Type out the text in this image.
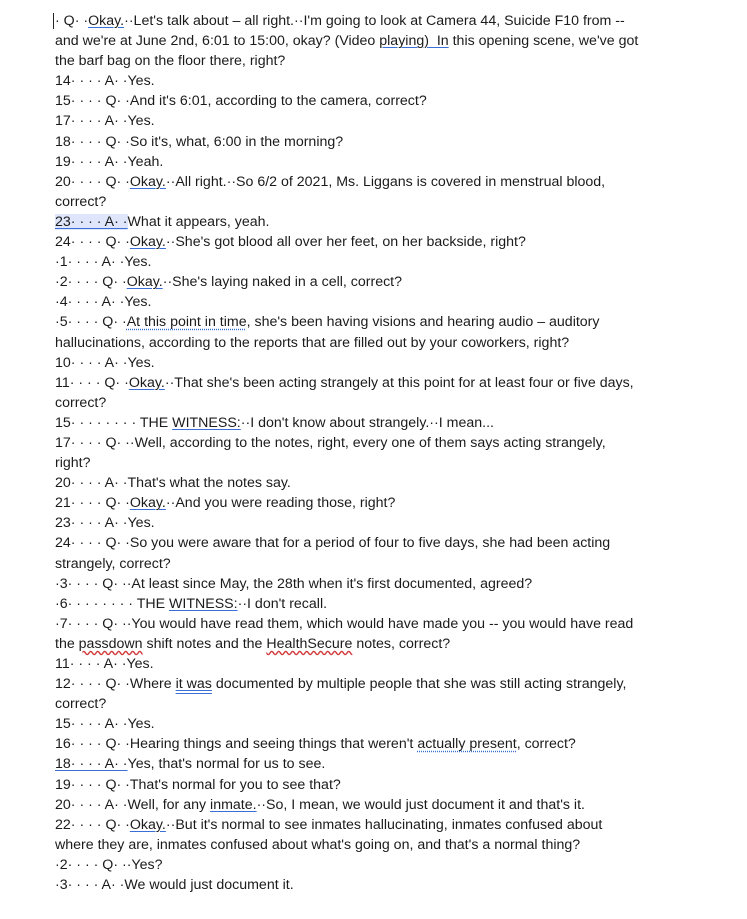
· Q· ·Okay.··Let's talk about – all right.··I'm going to look at Camera 44, Suicide F10 from --
and we're at June 2nd, 6:01 to 15:00, okay? (Video playing)  In this opening scene, we've got
the barf bag on the floor there, right?
14· · · · A· ·Yes.
15· · · · Q· ·And it's 6:01, according to the camera, correct?
17· · · · A· ·Yes.
18· · · · Q· ·So it's, what, 6:00 in the morning?
19· · · · A· ·Yeah.
20· · · · Q· ·Okay.··All right.··So 6/2 of 2021, Ms. Liggans is covered in menstrual blood,
correct?
23· · · · A· ·What it appears, yeah.
24· · · · Q· ·Okay.··She's got blood all over her feet, on her backside, right?
·1· · · · A· ·Yes.
·2· · · · Q· ·Okay.··She's laying naked in a cell, correct?
·4· · · · A· ·Yes.
·5· · · · Q· ·At this point in time, she's been having visions and hearing audio – auditory
hallucinations, according to the reports that are filled out by your coworkers, right?
10· · · · A· ·Yes.
11· · · · Q· ·Okay.··That she's been acting strangely at this point for at least four or five days,
correct?
15· · · · · · · · THE WITNESS:··I don't know about strangely.··I mean...
17· · · · Q· ··Well, according to the notes, right, every one of them says acting strangely,
right?
20· · · · A· ·That's what the notes say.
21· · · · Q· ·Okay.··And you were reading those, right?
23· · · · A· ·Yes.
24· · · · Q· ·So you were aware that for a period of four to five days, she had been acting
strangely, correct?
·3· · · · Q· ··At least since May, the 28th when it's first documented, agreed?
·6· · · · · · · · THE WITNESS:··I don't recall.
·7· · · · Q· ··You would have read them, which would have made you -- you would have read
the passdown shift notes and the HealthSecure notes, correct?
11· · · · A· ·Yes.
12· · · · Q· ·Where it was documented by multiple people that she was still acting strangely,
correct?
15· · · · A· ·Yes.
16· · · · Q· ·Hearing things and seeing things that weren't actually present, correct?
18· · · · A· ·Yes, that's normal for us to see.
19· · · · Q· ·That's normal for you to see that?
20· · · · A· ·Well, for any inmate.··So, I mean, we would just document it and that's it.
22· · · · Q· ·Okay.··But it's normal to see inmates hallucinating, inmates confused about
where they are, inmates confused about what's going on, and that's a normal thing?
·2· · · · Q· ··Yes?
·3· · · · A· ·We would just document it.
